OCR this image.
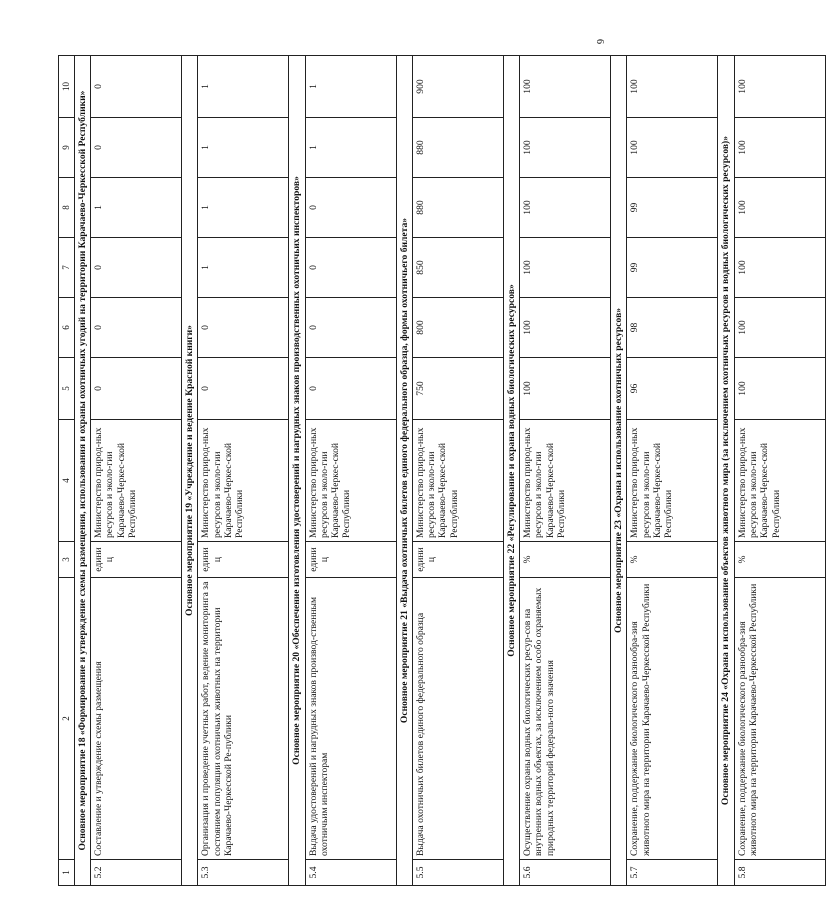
6
1	2	3	4	5	6	7	8	9	10
Основное мероприятие 18 «Формирование и утверждение схемы размещения, использования и охраны охотничьих угодий на территории Карачаево-Черкесской Республики»									
5.2	Составление и утверждение схемы размещения	единиц	Министерство природ-ных ресурсов и эколо-гии Карачаево-Черкес-ской Республики	0	0	0	1	0	0
Основное мероприятие 19 «Учреждение и ведение Красной книги»									
5.3	Организация и проведение учетных работ, ведение мониторинга за состоянием популяции охотничьих животных на территории Карачаево-Черкесской Ре-публики	единиц	Министерство природ-ных ресурсов и эколо-гии Карачаево-Черкес-ской Республики	0	0	1	1	1	1
Основное мероприятие 20 «Обеспечение изготовления удостоверений и нагрудных знаков производственных охотничьих инспекторов»									
5.4	Выдача удостоверений и нагрудных знаков производ-ственным охотничьим инспекторам	единиц	Министерство природ-ных ресурсов и эколо-гии Карачаево-Черкес-ской Республики	0	0	0	0	1	1
Основное мероприятие 21 «Выдача охотничьих билетов единого федерального образца, формы охотничьего билета»									
5.5	Выдача охотничьих билетов единого федерального образца	единиц	Министерство природ-ных ресурсов и эколо-гии Карачаево-Черкес-ской Республики	750	800	850	880	880	900
Основное мероприятие 22 «Регулирование и охрана водных биологических ресурсов»									
5.6	Осуществление охраны водных биологических ресур-сов на внутренних водных объектах, за исключением особо охраняемых природных территорий федераль-ного значения	%	Министерство природ-ных ресурсов и эколо-гии Карачаево-Черкес-ской Республики	100	100	100	100	100	100
Основное мероприятие 23 «Охрана и использование охотничьих ресурсов»									
5.7	Сохранение, поддержание биологического разнообра-зия животного мира на территории Карачаево-Черкесской Республики	%	Министерство природ-ных ресурсов и эколо-гии Карачаево-Черкес-ской Республики	96	98	99	99	100	100
Основное мероприятие 24 «Охрана и использование объектов животного мира (за исключением охотничьих ресурсов и водных биологических ресурсов)»									
5.8	Сохранение, поддержание биологического разнообра-зия животного мира на территории Карачаево-Черкесской Республики	%	Министерство природ-ных ресурсов и эколо-гии Карачаево-Черкес-ской Республики	100	100	100	100	100	100
